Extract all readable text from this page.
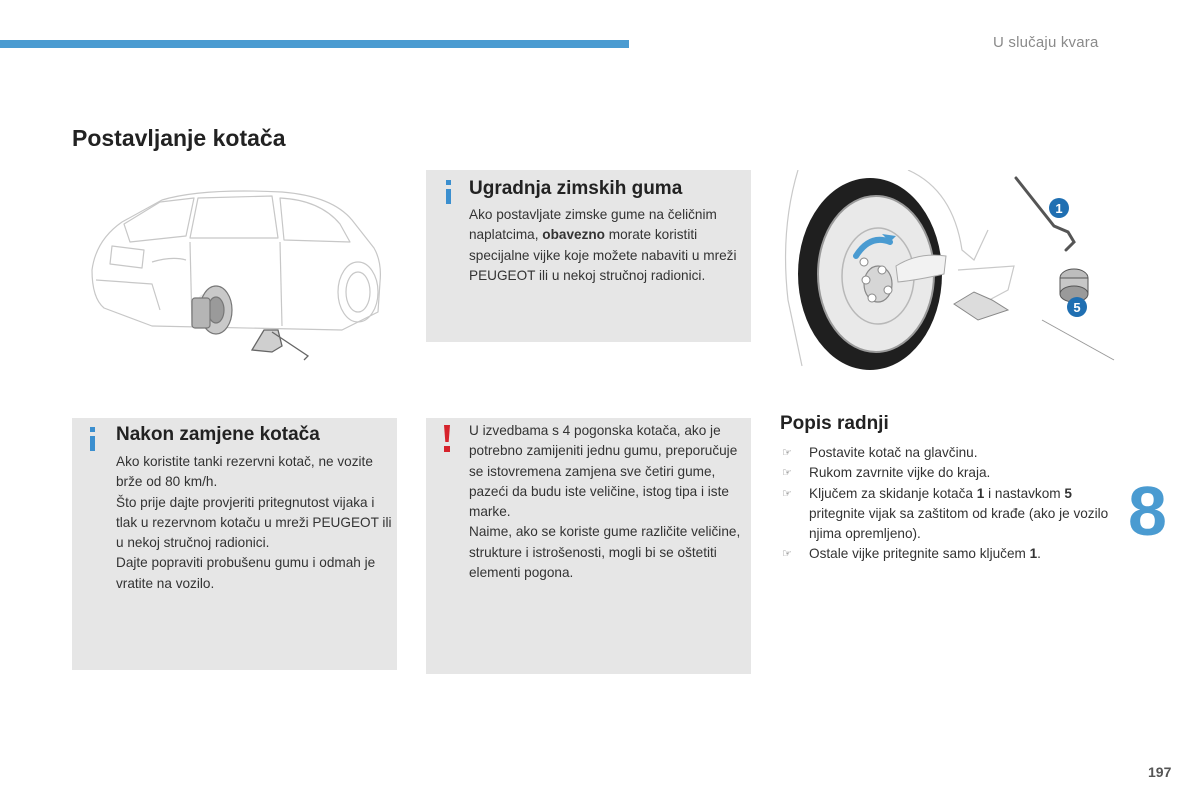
U slučaju kvara
Postavljanje kotača
Ugradnja zimskih guma

Ako postavljate zimske gume na čeličnim naplatcima, obavezno morate koristiti specijalne vijke koje možete nabaviti u mreži PEUGEOT ili u nekoj stručnoj radionici.

1
5
Nakon zamjene kotača

Ako koristite tanki rezervni kotač, ne vozite brže od 80 km/h.

Što prije dajte provjeriti pritegnutost vijaka i tlak u rezervnom kotaču u mreži PEUGEOT ili u nekoj stručnoj radionici.

Dajte popraviti probušenu gumu i odmah je vratite na vozilo.

U izvedbama s 4 pogonska kotača, ako je potrebno zamijeniti jednu gumu, preporučuje se istovremena zamjena sve četiri gume, pazeći da budu iste veličine, istog tipa i iste marke.

Naime, ako se koriste gume različite veličine, strukture i istrošenosti, mogli bi se oštetiti elementi pogona.

Popis radnji
☞ Postavite kotač na glavčinu.
☞ Rukom zavrnite vijke do kraja.
☞ Ključem za skidanje kotača 1 i nastavkom 5 pritegnite vijak sa zaštitom od krađe (ako je vozilo njima opremljeno).
☞ Ostale vijke pritegnite samo ključem 1.
8
197
